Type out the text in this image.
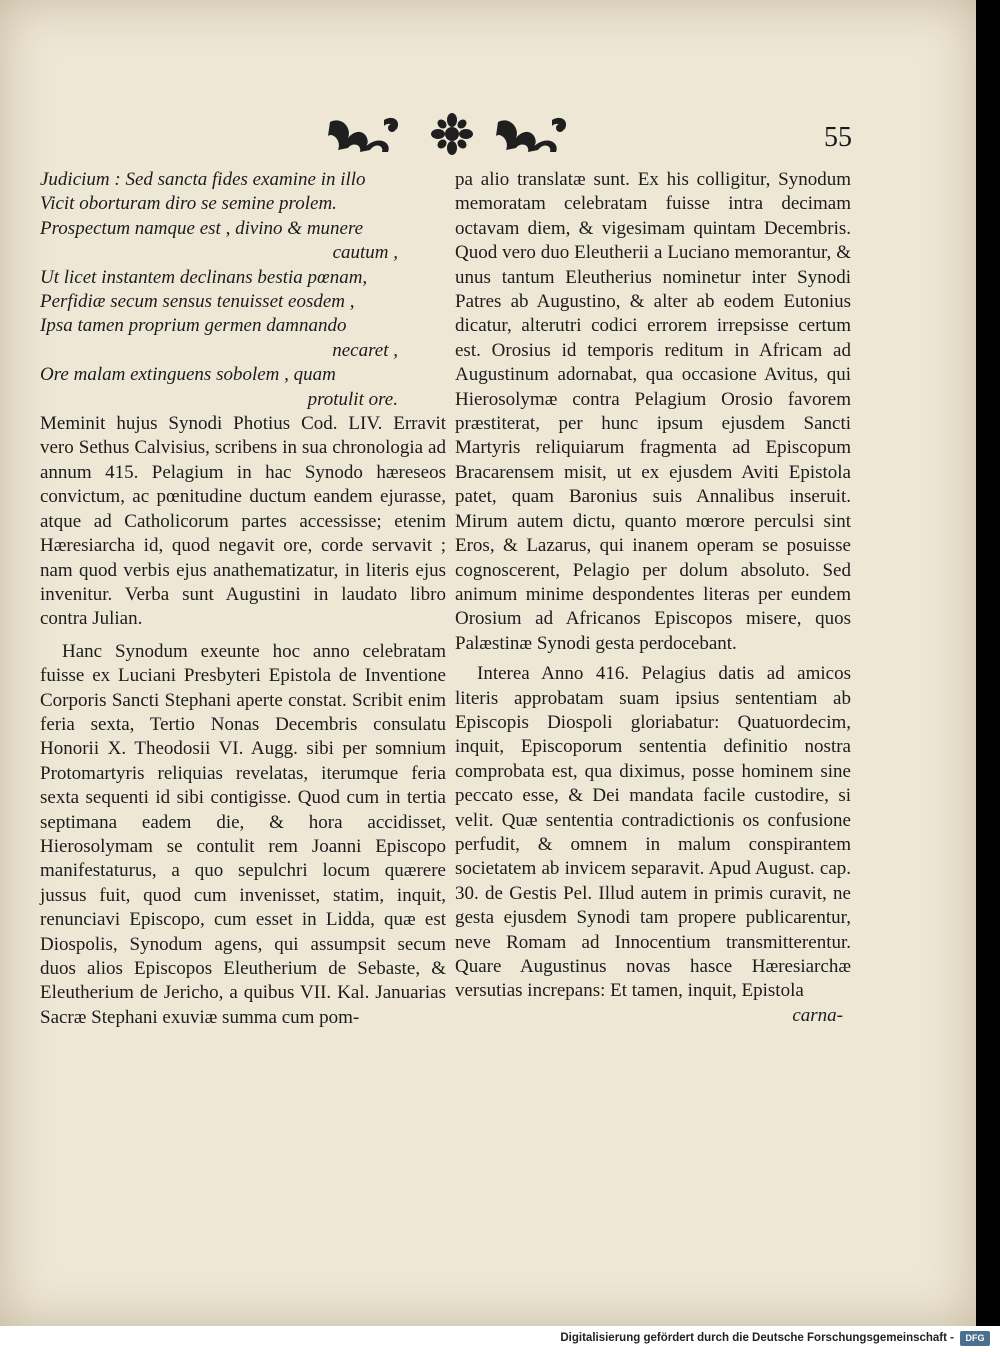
55
Judicium : Sed sancta fides examine in illo
Vicit oborturam diro se semine prolem.
Prospectum namque est , divino & munere
cautum ,
Ut licet instantem declinans bestia pœnam,
Perfidiæ secum sensus tenuisset eosdem ,
Ipsa tamen proprium germen damnando
necaret ,
Ore malam extinguens sobolem , quam
protulit ore.

Meminit hujus Synodi Photius Cod. LIV. Erravit vero Sethus Calvisius, scribens in sua chronologia ad annum 415. Pelagium in hac Synodo hæreseos convictum, ac pœnitudine ductum eandem ejurasse, atque ad Catholicorum partes accessisse; etenim Hæresiarcha id, quod negavit ore, corde servavit ; nam quod verbis ejus anathematizatur, in literis ejus invenitur. Verba sunt Augustini in laudato libro contra Julian.

Hanc Synodum exeunte hoc anno celebratam fuisse ex Luciani Presbyteri Epistola de Inventione Corporis Sancti Stephani aperte constat. Scribit enim feria sexta, Tertio Nonas Decembris consulatu Honorii X. Theodosii VI. Augg. sibi per somnium Protomartyris reliquias revelatas, iterumque feria sexta sequenti id sibi contigisse. Quod cum in tertia septimana eadem die, & hora accidisset, Hierosolymam se contulit rem Joanni Episcopo manifestaturus, a quo sepulchri locum quærere jussus fuit, quod cum invenisset, statim, inquit, renunciavi Episcopo, cum esset in Lidda, quæ est Diospolis, Synodum agens, qui assumpsit secum duos alios Episcopos Eleutherium de Sebaste, & Eleutherium de Jericho, a quibus VII. Kal. Januarias Sacræ Stephani exuviæ summa cum pom-

pa alio translatæ sunt. Ex his colligitur, Synodum memoratam celebratam fuisse intra decimam octavam diem, & vigesimam quintam Decembris. Quod vero duo Eleutherii a Luciano memorantur, & unus tantum Eleutherius nominetur inter Synodi Patres ab Augustino, & alter ab eodem Eutonius dicatur, alterutri codici errorem irrepsisse certum est. Orosius id temporis reditum in Africam ad Augustinum adornabat, qua occasione Avitus, qui Hierosolymæ contra Pelagium Orosio favorem præstiterat, per hunc ipsum ejusdem Sancti Martyris reliquiarum fragmenta ad Episcopum Bracarensem misit, ut ex ejusdem Aviti Epistola patet, quam Baronius suis Annalibus inseruit. Mirum autem dictu, quanto mœrore perculsi sint Eros, & Lazarus, qui inanem operam se posuisse cognoscerent, Pelagio per dolum absoluto. Sed animum minime despondentes literas per eundem Orosium ad Africanos Episcopos misere, quos Palæstinæ Synodi gesta perdocebant.

Interea Anno 416. Pelagius datis ad amicos literis approbatam suam ipsius sententiam ab Episcopis Diospoli gloriabatur: Quatuordecim, inquit, Episcoporum sententia definitio nostra comprobata est, qua diximus, posse hominem sine peccato esse, & Dei mandata facile custodire, si velit. Quæ sententia contradictionis os confusione perfudit, & omnem in malum conspirantem societatem ab invicem separavit. Apud August. cap. 30. de Gestis Pel. Illud autem in primis curavit, ne gesta ejusdem Synodi tam propere publicarentur, neve Romam ad Innocentium transmitterentur. Quare Augustinus novas hasce Hæresiarchæ versutias increpans: Et tamen, inquit, Epistola

carna-

Digitalisierung gefördert durch die Deutsche Forschungsgemeinschaft -	DFG
